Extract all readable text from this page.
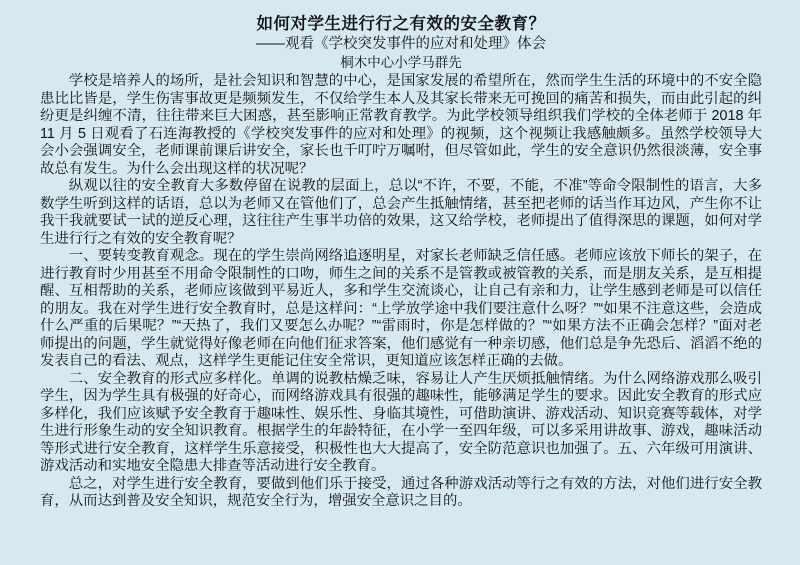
如何对学生进行行之有效的安全教育？
——观看《学校突发事件的应对和处理》体会
桐木中心小学马群先

学校是培养人的场所，是社会知识和智慧的中心，是国家发展的希望所在，然而学生生活的环境中的不安全隐患比比皆是，学生伤害事故更是频频发生，不仅给学生本人及其家长带来无可挽回的痛苦和损失，而由此引起的纠纷更是纠缠不清，往往带来巨大困惑，甚至影响正常教育教学。为此学校领导组织我们学校的全体老师于 2018 年 11 月 5 日观看了石连海教授的《学校突发事件的应对和处理》的视频，这个视频让我感触颇多。虽然学校领导大会小会强调安全，老师课前课后讲安全，家长也千叮咛万嘱咐，但尽管如此，学生的安全意识仍然很淡薄，安全事故总有发生。为什么会出现这样的状况呢？

纵观以往的安全教育大多数停留在说教的层面上，总以“不许，不要，不能，不准”等命令限制性的语言，大多数学生听到这样的话语，总以为老师又在管他们了，总会产生抵触情绪，甚至把老师的话当作耳边风，产生你不让我干我就要试一试的逆反心理，这往往产生事半功倍的效果，这又给学校，老师提出了值得深思的课题，如何对学生进行行之有效的安全教育呢？

一、要转变教育观念。现在的学生崇尚网络追逐明星，对家长老师缺乏信任感。老师应该放下师长的架子，在进行教育时少用甚至不用命令限制性的口吻，师生之间的关系不是管教或被管教的关系，而是朋友关系，是互相提醒、互相帮助的关系，老师应该做到平易近人，多和学生交流谈心，让自己有亲和力，让学生感到老师是可以信任的朋友。我在对学生进行安全教育时，总是这样问：“上学放学途中我们要注意什么呀？”“如果不注意这些，会造成什么严重的后果呢？”“天热了，我们又要怎么办呢？”“雷雨时，你是怎样做的？”“如果方法不正确会怎样？”面对老师提出的问题，学生就觉得好像老师在向他们征求答案，他们感觉有一种亲切感，他们总是争先恐后、滔滔不绝的发表自己的看法、观点，这样学生更能记住安全常识，更知道应该怎样正确的去做。

二、安全教育的形式应多样化。单调的说教枯燥乏味，容易让人产生厌烦抵触情绪。为什么网络游戏那么吸引学生，因为学生具有极强的好奇心，而网络游戏具有很强的趣味性，能够满足学生的要求。因此安全教育的形式应多样化，我们应该赋予安全教育于趣味性、娱乐性、身临其境性，可借助演讲、游戏活动、知识竞赛等载体，对学生进行形象生动的安全知识教育。根据学生的年龄特征，在小学一至四年级，可以多采用讲故事、游戏，趣味活动等形式进行安全教育，这样学生乐意接受，积极性也大大提高了，安全防范意识也加强了。五、六年级可用演讲、游戏活动和实地安全隐患大排查等活动进行安全教育。

总之，对学生进行安全教育，要做到他们乐于接受，通过各种游戏活动等行之有效的方法，对他们进行安全教育，从而达到普及安全知识，规范安全行为，增强安全意识之目的。
